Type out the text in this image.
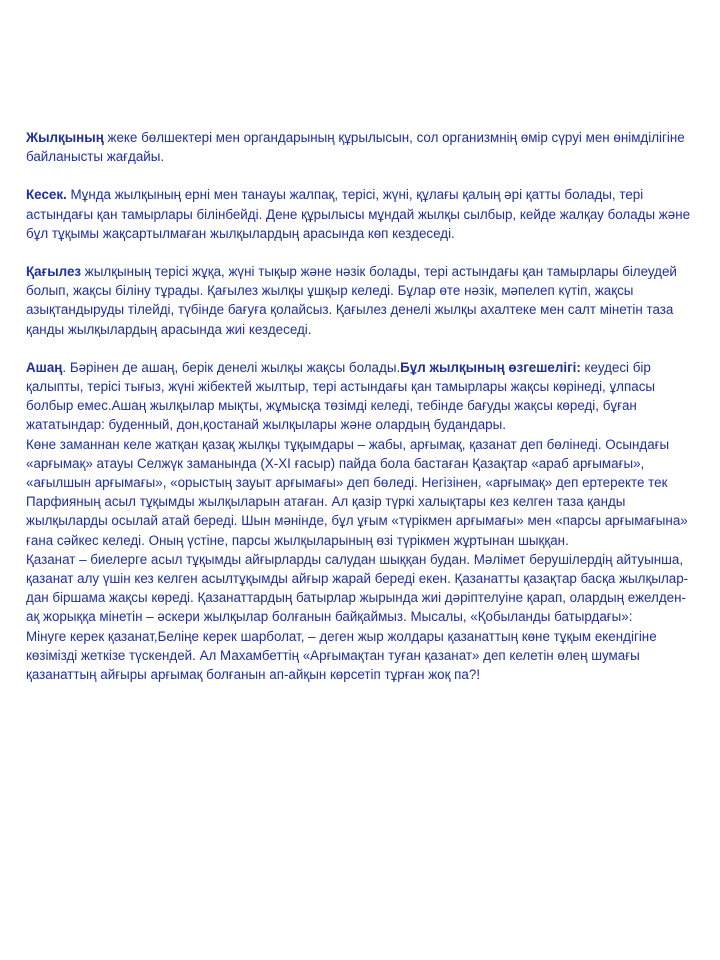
Жылқының жеке бөлшектері мен органдарының құрылысын, сол организмнің өмір сүруі мен өнімділігіне байланысты жағдайы.

Кесек. Мұнда жылқының ерні мен танауы жалпақ, терісі, жүні, құлағы қалың әрі қатты болады, тері астындағы қан тамырлары білінбейді. Дене құрылысы мұндай жылқы сылбыр, кейде жалқау болады және бұл тұқымы жақсартылмаған жылқылардың арасында көп кездеседі.

Қағылез жылқының терісі жұқа, жүні тықыр және нәзік болады, тері астындағы қан тамырлары білеудей болып, жақсы біліну тұрады. Қағылез жылқы ұшқыр келеді. Бұлар өте нәзік, мәпелеп күтіп, жақсы азықтандыруды тілейді, түбінде бағуға қолайсыз. Қағылез денелі жылқы ахалтеке мен салт мінетін таза қанды жылқылардың арасында жиі кездеседі.

Ашаң. Бәрінен де ашаң, берік денелі жылқы жақсы болады.Бұл жылқының өзгешелігі: кеудесі бір қалыпты, терісі тығыз, жүні жібектей жылтыр, тері астындағы қан тамырлары жақсы көрінеді, ұлпасы болбыр емес.Ашаң жылқылар мықты, жұмысқа төзімді келеді, тебінде бағуды жақсы көреді, бұған жататындар: буденный, дон,қостанай жылқылары және олардың будандары.

Көне заманнан келе жатқан қазақ жылқы тұқымдары – жабы, арғымақ, қазанат деп бөлінеді. Осындағы «арғымақ» атауы Селжүк заманында (Х-ХІ ғасыр) пайда бола бастаған Қазақтар «араб арғымағы», «ағылшын арғымағы», «орыстың зауыт арғымағы» деп бөледі. Негізінен, «арғымақ» деп ертеректе тек Парфияның асыл тұқымды жылқыларын атаған. Ал қазір түркі халықтары кез келген таза қанды жылқыларды осылай атай береді. Шын мәнінде, бұл ұғым «түрікмен арғымағы» мен «парсы арғымағына» ғана сәйкес келеді. Оның үстіне, парсы жылқыларының өзі түрікмен жұртынан шыққан.

Қазанат – биелерге асыл тұқымды айғырларды салудан шыққан будан. Мәлімет берушілердің айтуынша, қазанат алу үшін кез келген асылтұқымды айғыр жарай береді екен. Қазанатты қазақтар басқа жылқылар-дан біршама жақсы көреді. Қазанаттардың батырлар жырында жиі дәріптелуіне қарап, олардың ежелден-ақ жорыққа мінетін – әскери жылқылар болғанын байқаймыз. Мысалы, «Қобыланды батырдағы»:

Мінуге керек қазанат,Беліңе керек шарболат, – деген жыр жолдары қазанаттың көне тұқым екендігіне көзімізді жеткізе түскендей. Ал Махамбеттің «Арғымақтан туған қазанат» деп келетін өлең шумағы қазанаттың айғыры арғымақ болғанын ап-айқын көрсетіп тұрған жоқ па?!
